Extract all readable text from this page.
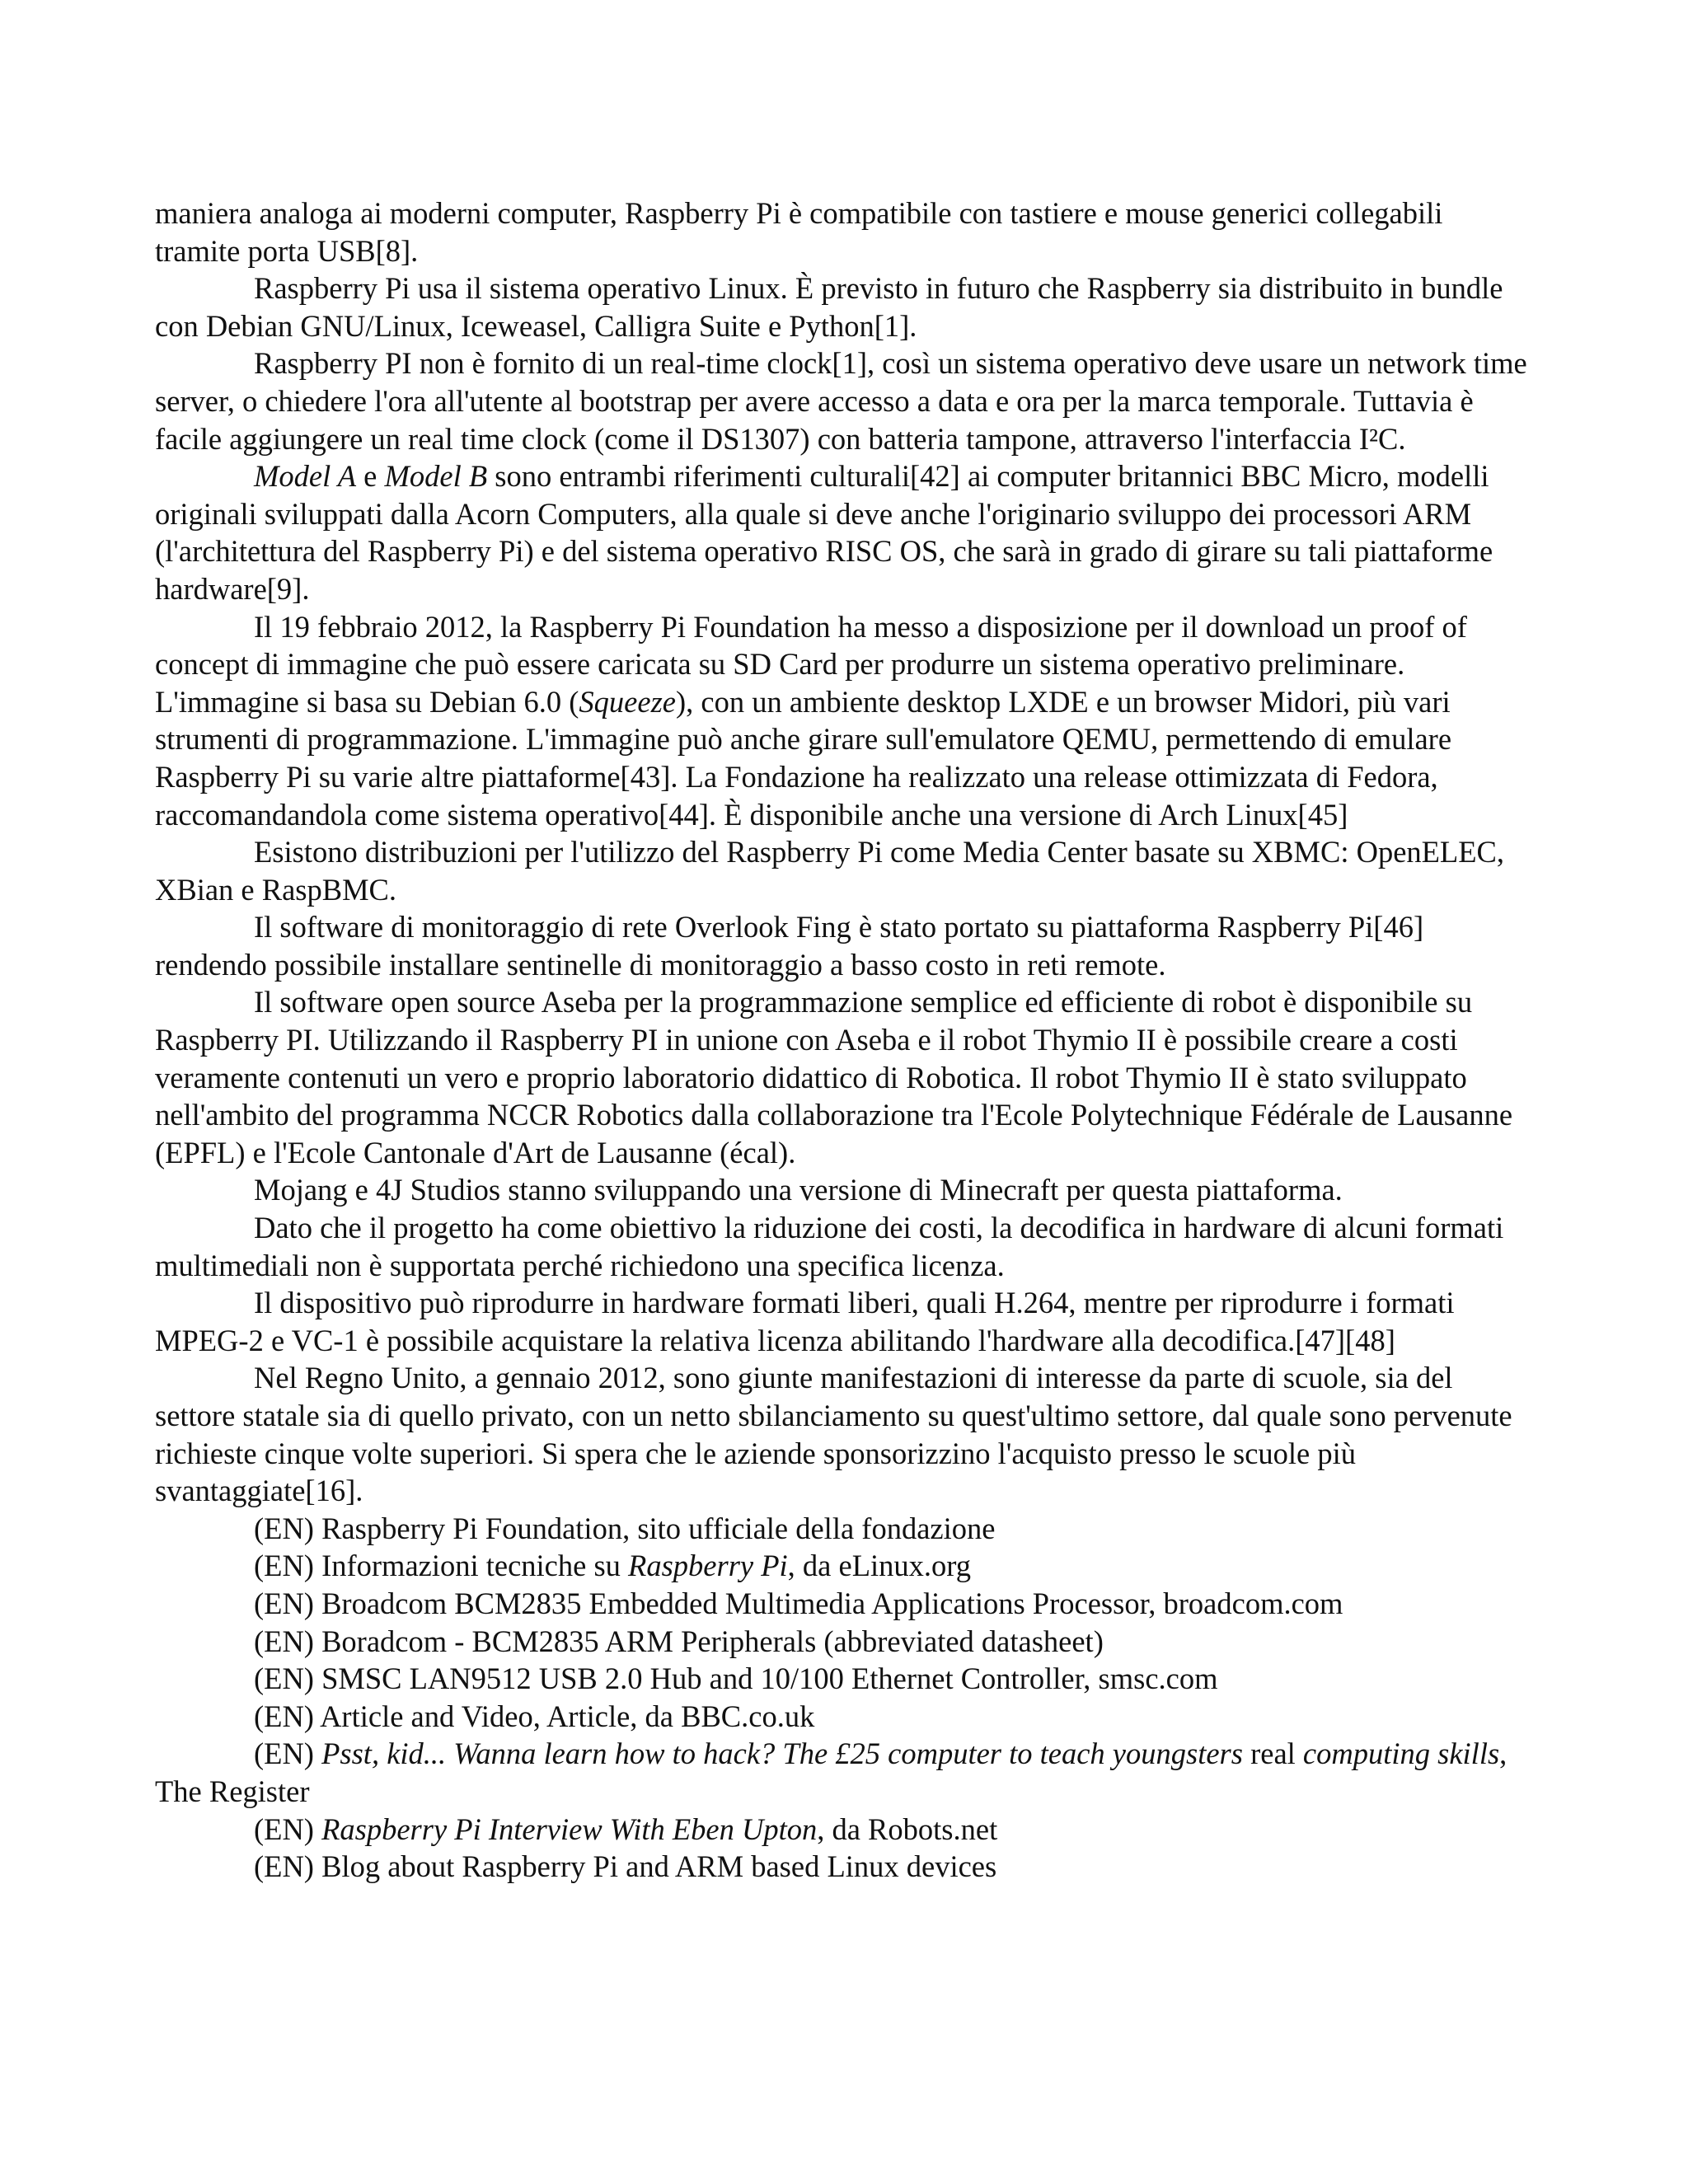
maniera analoga ai moderni computer, Raspberry Pi è compatibile con tastiere e mouse generici collegabili tramite porta USB[8].

Raspberry Pi usa il sistema operativo Linux. È previsto in futuro che Raspberry sia distribuito in bundle con Debian GNU/Linux, Iceweasel, Calligra Suite e Python[1].

Raspberry PI non è fornito di un real-time clock[1], così un sistema operativo deve usare un network time server, o chiedere l'ora all'utente al bootstrap per avere accesso a data e ora per la marca temporale. Tuttavia è facile aggiungere un real time clock (come il DS1307) con batteria tampone, attraverso l'interfaccia I²C.

Model A e Model B sono entrambi riferimenti culturali[42] ai computer britannici BBC Micro, modelli originali sviluppati dalla Acorn Computers, alla quale si deve anche l'originario sviluppo dei processori ARM (l'architettura del Raspberry Pi) e del sistema operativo RISC OS, che sarà in grado di girare su tali piattaforme hardware[9].

Il 19 febbraio 2012, la Raspberry Pi Foundation ha messo a disposizione per il download un proof of concept di immagine che può essere caricata su SD Card per produrre un sistema operativo preliminare. L'immagine si basa su Debian 6.0 (Squeeze), con un ambiente desktop LXDE e un browser Midori, più vari strumenti di programmazione. L'immagine può anche girare sull'emulatore QEMU, permettendo di emulare Raspberry Pi su varie altre piattaforme[43]. La Fondazione ha realizzato una release ottimizzata di Fedora, raccomandandola come sistema operativo[44]. È disponibile anche una versione di Arch Linux[45]

Esistono distribuzioni per l'utilizzo del Raspberry Pi come Media Center basate su XBMC: OpenELEC, XBian e RaspBMC.

Il software di monitoraggio di rete Overlook Fing è stato portato su piattaforma Raspberry Pi[46] rendendo possibile installare sentinelle di monitoraggio a basso costo in reti remote.

Il software open source Aseba per la programmazione semplice ed efficiente di robot è disponibile su Raspberry PI. Utilizzando il Raspberry PI in unione con Aseba e il robot Thymio II è possibile creare a costi veramente contenuti un vero e proprio laboratorio didattico di Robotica. Il robot Thymio II è stato sviluppato nell'ambito del programma NCCR Robotics dalla collaborazione tra l'Ecole Polytechnique Fédérale de Lausanne (EPFL) e l'Ecole Cantonale d'Art de Lausanne (écal).

Mojang e 4J Studios stanno sviluppando una versione di Minecraft per questa piattaforma.

Dato che il progetto ha come obiettivo la riduzione dei costi, la decodifica in hardware di alcuni formati multimediali non è supportata perché richiedono una specifica licenza.

Il dispositivo può riprodurre in hardware formati liberi, quali H.264, mentre per riprodurre i formati MPEG-2 e VC-1 è possibile acquistare la relativa licenza abilitando l'hardware alla decodifica.[47][48]

Nel Regno Unito, a gennaio 2012, sono giunte manifestazioni di interesse da parte di scuole, sia del settore statale sia di quello privato, con un netto sbilanciamento su quest'ultimo settore, dal quale sono pervenute richieste cinque volte superiori. Si spera che le aziende sponsorizzino l'acquisto presso le scuole più svantaggiate[16].

(EN) Raspberry Pi Foundation, sito ufficiale della fondazione

(EN) Informazioni tecniche su Raspberry Pi, da eLinux.org

(EN) Broadcom BCM2835 Embedded Multimedia Applications Processor, broadcom.com

(EN) Boradcom - BCM2835 ARM Peripherals (abbreviated datasheet)

(EN) SMSC LAN9512 USB 2.0 Hub and 10/100 Ethernet Controller, smsc.com

(EN) Article and Video, Article, da BBC.co.uk

(EN) Psst, kid... Wanna learn how to hack? The £25 computer to teach youngsters real computing skills, The Register

(EN) Raspberry Pi Interview With Eben Upton, da Robots.net

(EN) Blog about Raspberry Pi and ARM based Linux devices
